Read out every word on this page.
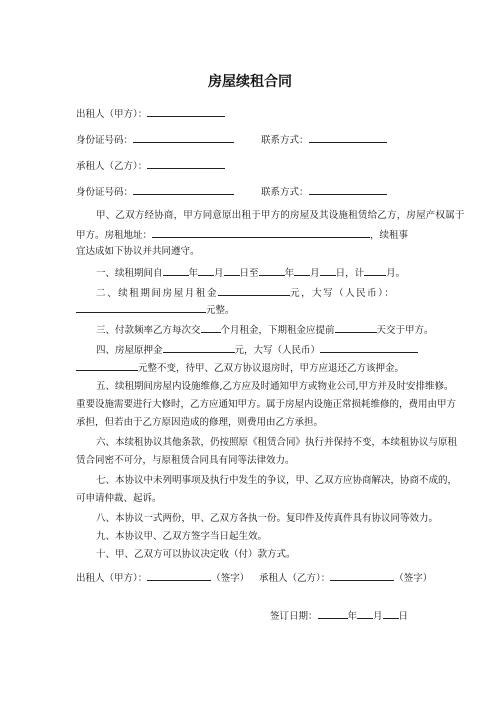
房屋续租合同
出租人（甲方）：
身份证号码：	联系方式：
承租人（乙方）：
身份证号码：	联系方式：
甲、乙双方经协商，甲方同意原出租于甲方的房屋及其设施租赁给乙方，房屋产权属于
甲方。房租地址：	，续租事
宜达成如下协议并共同遵守。
一、续租期间自	年 月 日至	年 月 日，计 月。
二、续租期间房屋月租金	元，大写（人民币）：
元整。
三、付款频率乙方每次交 个月租金，下期租金应提前	天交于甲方。
四、房屋原押金	元，大写（人民币）
元整不变，待甲、乙双方协议退房时，甲方应退还乙方该押金。
五、续租期间房屋内设施维修,乙方应及时通知甲方或物业公司,甲方并及时安排维修。
重要设施需要进行大修时，乙方应通知甲方。属于房屋内设施正常损耗维修的，费用由甲方
承担，但若由于乙方原因造成的修理，则费用由乙方承担。
六、本续租协议其他条款，仍按照原《租赁合同》执行并保持不变，本续租协议与原租
赁合同密不可分，与原租赁合同具有同等法律效力。
七、本协议中未列明事项及执行中发生的争议，甲、乙双方应协商解决，协商不成的，
可申请仲裁、起诉。
八、本协议一式两份，甲、乙双方各执一份。复印件及传真件具有协议同等效力。
九、本协议甲、乙双方签字当日起生效。
十、甲、乙双方可以协议决定收（付）款方式。
出租人（甲方）：	（签字） 承租人（乙方）：	（签字）
签订日期：	年 月 日
